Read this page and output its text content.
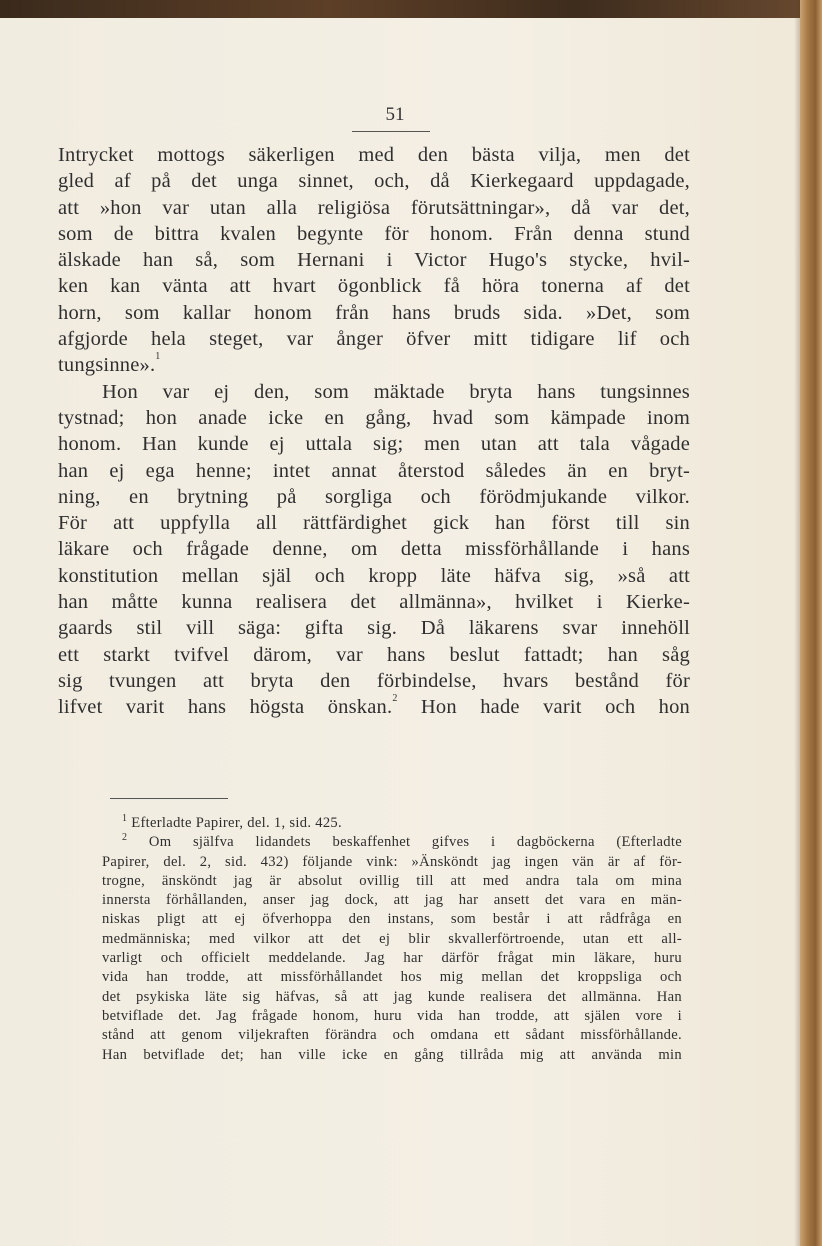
51
Intrycket mottogs säkerligen med den bästa vilja, men det
gled af på det unga sinnet, och, då Kierkegaard uppdagade,
att »hon var utan alla religiösa förutsättningar», då var det,
som de bittra kvalen begynte för honom. Från denna stund
älskade han så, som Hernani i Victor Hugo's stycke, hvil-
ken kan vänta att hvart ögonblick få höra tonerna af det
horn, som kallar honom från hans bruds sida. »Det, som
afgjorde hela steget, var ånger öfver mitt tidigare lif och
tungsinne».$^1$
Hon var ej den, som mäktade bryta hans tungsinnes
tystnad; hon anade icke en gång, hvad som kämpade inom
honom. Han kunde ej uttala sig; men utan att tala vågade
han ej ega henne; intet annat återstod således än en bryt-
ning, en brytning på sorgliga och förödmjukande vilkor.
För att uppfylla all rättfärdighet gick han först till sin
läkare och frågade denne, om detta missförhållande i hans
konstitution mellan själ och kropp läte häfva sig, »så att
han måtte kunna realisera det allmänna», hvilket i Kierke-
gaards stil vill säga: gifta sig. Då läkarens svar innehöll
ett starkt tvifvel därom, var hans beslut fattadt; han såg
sig tvungen att bryta den förbindelse, hvars bestånd för
lifvet varit hans högsta önskan.$^2$ Hon hade varit och hon
$^1$ Efterladte Papirer, del. 1, sid. 425.
$^2$ Om själfva lidandets beskaffenhet gifves i dagböckerna (Efterladte
Papirer, del. 2, sid. 432) följande vink: »Änsköndt jag ingen vän är af för-
trogne, änsköndt jag är absolut ovillig till att med andra tala om mina
innersta förhållanden, anser jag dock, att jag har ansett det vara en män-
niskas pligt att ej öfverhoppa den instans, som består i att rådfråga en
medmänniska; med vilkor att det ej blir skvallerförtroende, utan ett all-
varligt och officielt meddelande. Jag har därför frågat min läkare, huru
vida han trodde, att missförhållandet hos mig mellan det kroppsliga och
det psykiska läte sig häfvas, så att jag kunde realisera det allmänna. Han
betviflade det. Jag frågade honom, huru vida han trodde, att själen vore i
stånd att genom viljekraften förändra och omdana ett sådant missförhållande.
Han betviflade det; han ville icke en gång tillråda mig att använda min
